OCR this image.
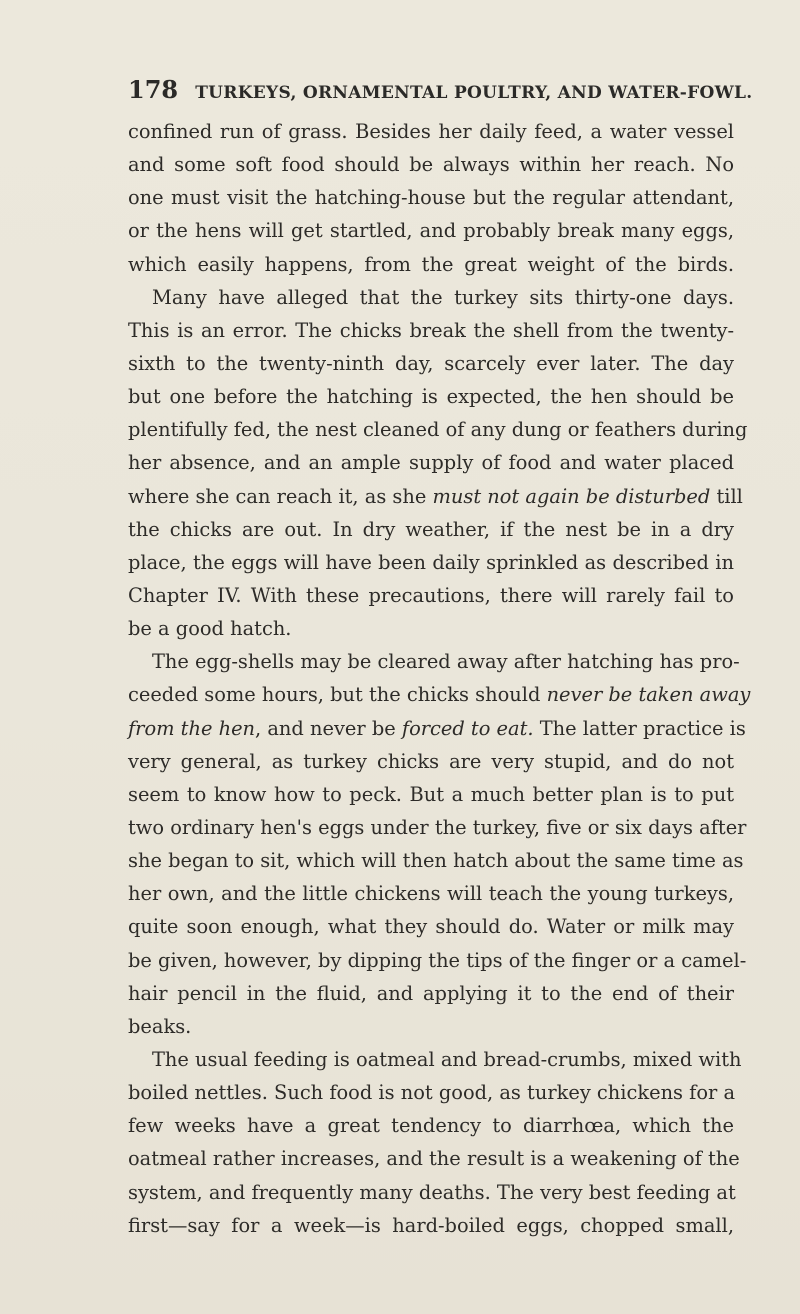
178 TURKEYS, ORNAMENTAL POULTRY, AND WATER-FOWL.
confined run of grass. Besides her daily feed, a water vessel
and some soft food should be always within her reach. No
one must visit the hatching-house but the regular attendant,
or the hens will get startled, and probably break many eggs,
which easily happens, from the great weight of the birds.
Many have alleged that the turkey sits thirty-one days.
This is an error. The chicks break the shell from the twenty-
sixth to the twenty-ninth day, scarcely ever later. The day
but one before the hatching is expected, the hen should be
plentifully fed, the nest cleaned of any dung or feathers during
her absence, and an ample supply of food and water placed
where she can reach it, as she must not again be disturbed till
the chicks are out. In dry weather, if the nest be in a dry
place, the eggs will have been daily sprinkled as described in
Chapter IV. With these precautions, there will rarely fail to
be a good hatch.
The egg-shells may be cleared away after hatching has pro-
ceeded some hours, but the chicks should never be taken away
from the hen, and never be forced to eat. The latter practice is
very general, as turkey chicks are very stupid, and do not
seem to know how to peck. But a much better plan is to put
two ordinary hen's eggs under the turkey, five or six days after
she began to sit, which will then hatch about the same time as
her own, and the little chickens will teach the young turkeys,
quite soon enough, what they should do. Water or milk may
be given, however, by dipping the tips of the finger or a camel-
hair pencil in the fluid, and applying it to the end of their
beaks.
The usual feeding is oatmeal and bread-crumbs, mixed with
boiled nettles. Such food is not good, as turkey chickens for a
few weeks have a great tendency to diarrhœa, which the
oatmeal rather increases, and the result is a weakening of the
system, and frequently many deaths. The very best feeding at
first—say for a week—is hard-boiled eggs, chopped small,
